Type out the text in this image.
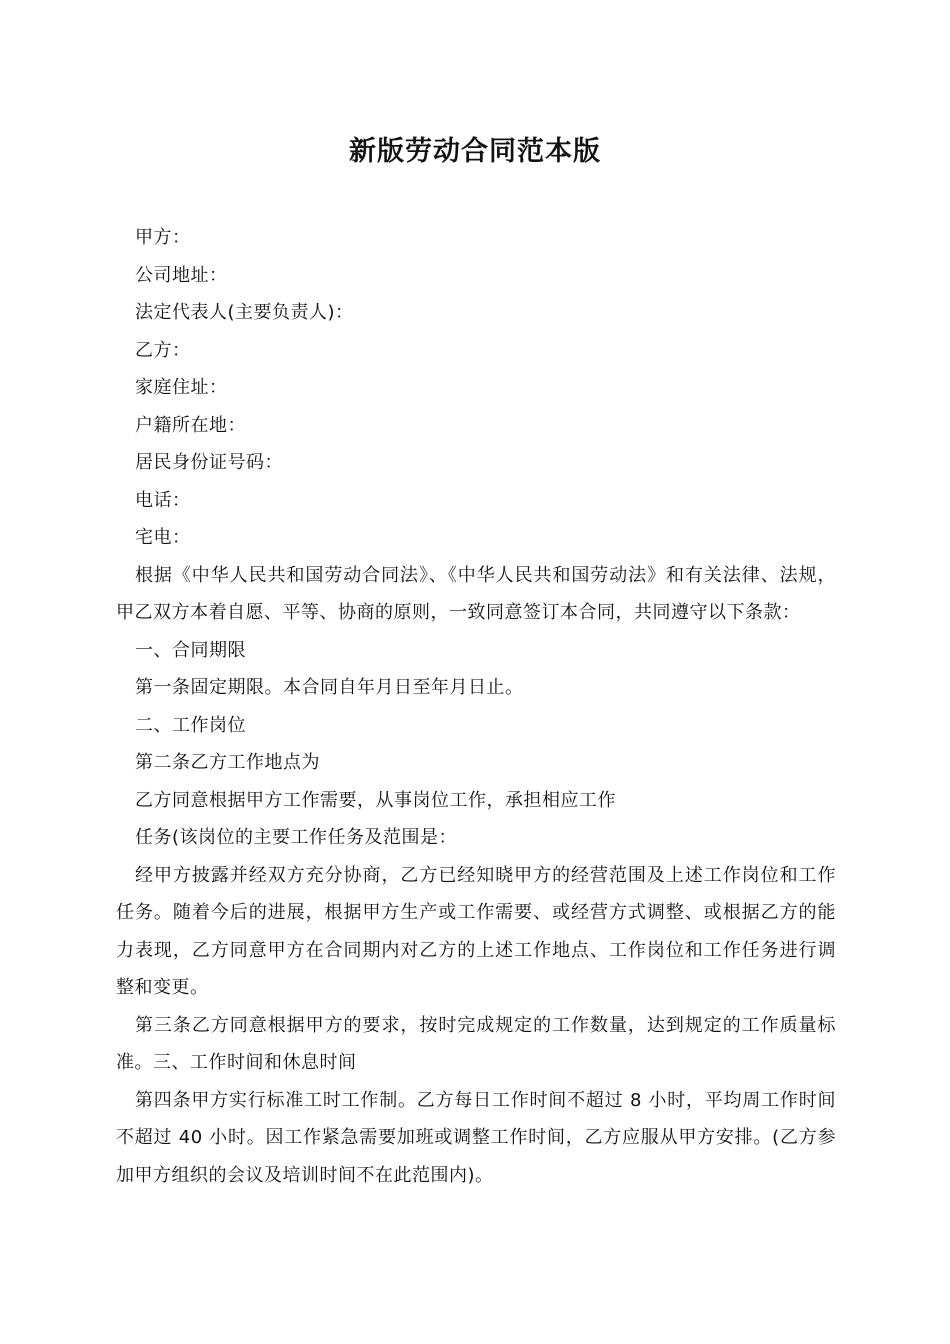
新版劳动合同范本版
甲方：
公司地址：
法定代表人(主要负责人)：
乙方：
家庭住址：
户籍所在地：
居民身份证号码：
电话：
宅电：
根据《中华人民共和国劳动合同法》、《中华人民共和国劳动法》和有关法律、法规，甲乙双方本着自愿、平等、协商的原则，一致同意签订本合同，共同遵守以下条款：
一、合同期限
第一条固定期限。本合同自年月日至年月日止。
二、工作岗位
第二条乙方工作地点为
乙方同意根据甲方工作需要，从事岗位工作，承担相应工作
任务(该岗位的主要工作任务及范围是：
经甲方披露并经双方充分协商，乙方已经知晓甲方的经营范围及上述工作岗位和工作任务。随着今后的进展，根据甲方生产或工作需要、或经营方式调整、或根据乙方的能力表现，乙方同意甲方在合同期内对乙方的上述工作地点、工作岗位和工作任务进行调整和变更。
第三条乙方同意根据甲方的要求，按时完成规定的工作数量，达到规定的工作质量标准。三、工作时间和休息时间
第四条甲方实行标准工时工作制。乙方每日工作时间不超过 8 小时，平均周工作时间不超过 40 小时。因工作紧急需要加班或调整工作时间，乙方应服从甲方安排。(乙方参加甲方组织的会议及培训时间不在此范围内)。
